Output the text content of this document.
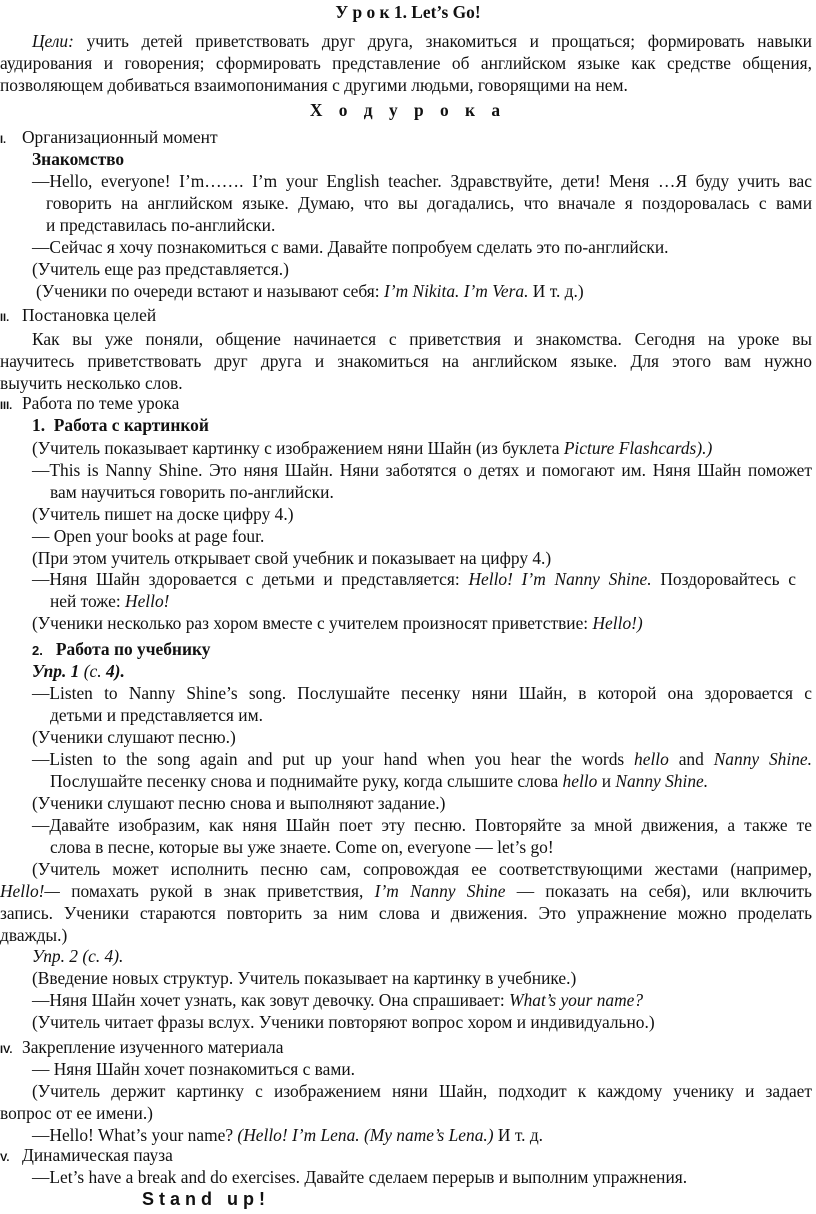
У р о к 1. Let’s Go!
Цели: учить детей приветствовать друг друга, знакомиться и прощаться; формировать навыки
аудирования и говорения; сформировать представление об английском языке как средстве общения,
позволяющем добиваться взаимопонимания с другими людьми, говорящими на нем.
Х о д у р о к а
I. Организационный момент
Знакомство
—Hello, everyone! I’m……. I’m your English teacher. Здравствуйте, дети! Меня …Я буду учить вас
говорить на английском языке. Думаю, что вы догадались, что вначале я поздоровалась с вами
и представилась по-английски.
—Сейчас я хочу познакомиться с вами. Давайте попробуем сделать это по-английски.
(Учитель еще раз представляется.)
(Ученики по очереди встают и называют себя: I’m Nikita. I’m Vera. И т. д.)
II. Постановка целей
Как вы уже поняли, общение начинается с приветствия и знакомства. Сегодня на уроке вы
научитесь приветствовать друг друга и знакомиться на английском языке. Для этого вам нужно
выучить несколько слов.
III. Работа по теме урока
1. Работа с картинкой
(Учитель показывает картинку с изображением няни Шайн (из буклета Picture Flashcards).)
—This is Nanny Shine. Это няня Шайн. Няни заботятся о детях и помогают им. Няня Шайн поможет
вам научиться говорить по-английски.
(Учитель пишет на доске цифру 4.)
— Open your books at page four.
(При этом учитель открывает свой учебник и показывает на цифру 4.)
—Няня Шайн здоровается с детьми и представляется: Hello! I’m Nanny Shine. Поздоровайтесь с
ней тоже: Hello!
(Ученики несколько раз хором вместе с учителем произносят приветствие: Hello!)
2. Работа по учебнику
Упр. 1 (с. 4).
—Listen to Nanny Shine’s song. Послушайте песенку няни Шайн, в которой она здоровается с
детьми и представляется им.
(Ученики слушают песню.)
—Listen to the song again and put up your hand when you hear the words hello and Nanny Shine.
Послушайте песенку снова и поднимайте руку, когда слышите слова hello и Nanny Shine.
(Ученики слушают песню снова и выполняют задание.)
—Давайте изобразим, как няня Шайн поет эту песню. Повторяйте за мной движения, а также те
слова в песне, которые вы уже знаете. Come on, everyone — let’s go!
(Учитель может исполнить песню сам, сопровождая ее соответствующими жестами (например,
Hello!— помахать рукой в знак приветствия, I’m Nanny Shine — показать на себя), или включить
запись. Ученики стараются повторить за ним слова и движения. Это упражнение можно проделать
дважды.)
Упр. 2 (с. 4).
(Введение новых структур. Учитель показывает на картинку в учебнике.)
—Няня Шайн хочет узнать, как зовут девочку. Она спрашивает: What’s your name?
(Учитель читает фразы вслух. Ученики повторяют вопрос хором и индивидуально.)
IV. Закрепление изученного материала
— Няня Шайн хочет познакомиться с вами.
(Учитель держит картинку с изображением няни Шайн, подходит к каждому ученику и задает
вопрос от ее имени.)
—Hello! What’s your name? (Hello! I’m Lena. (My name’s Lena.) И т. д.
V. Динамическая пауза
—Let’s have a break and do exercises. Давайте сделаем перерыв и выполним упражнения.
Stand up!
